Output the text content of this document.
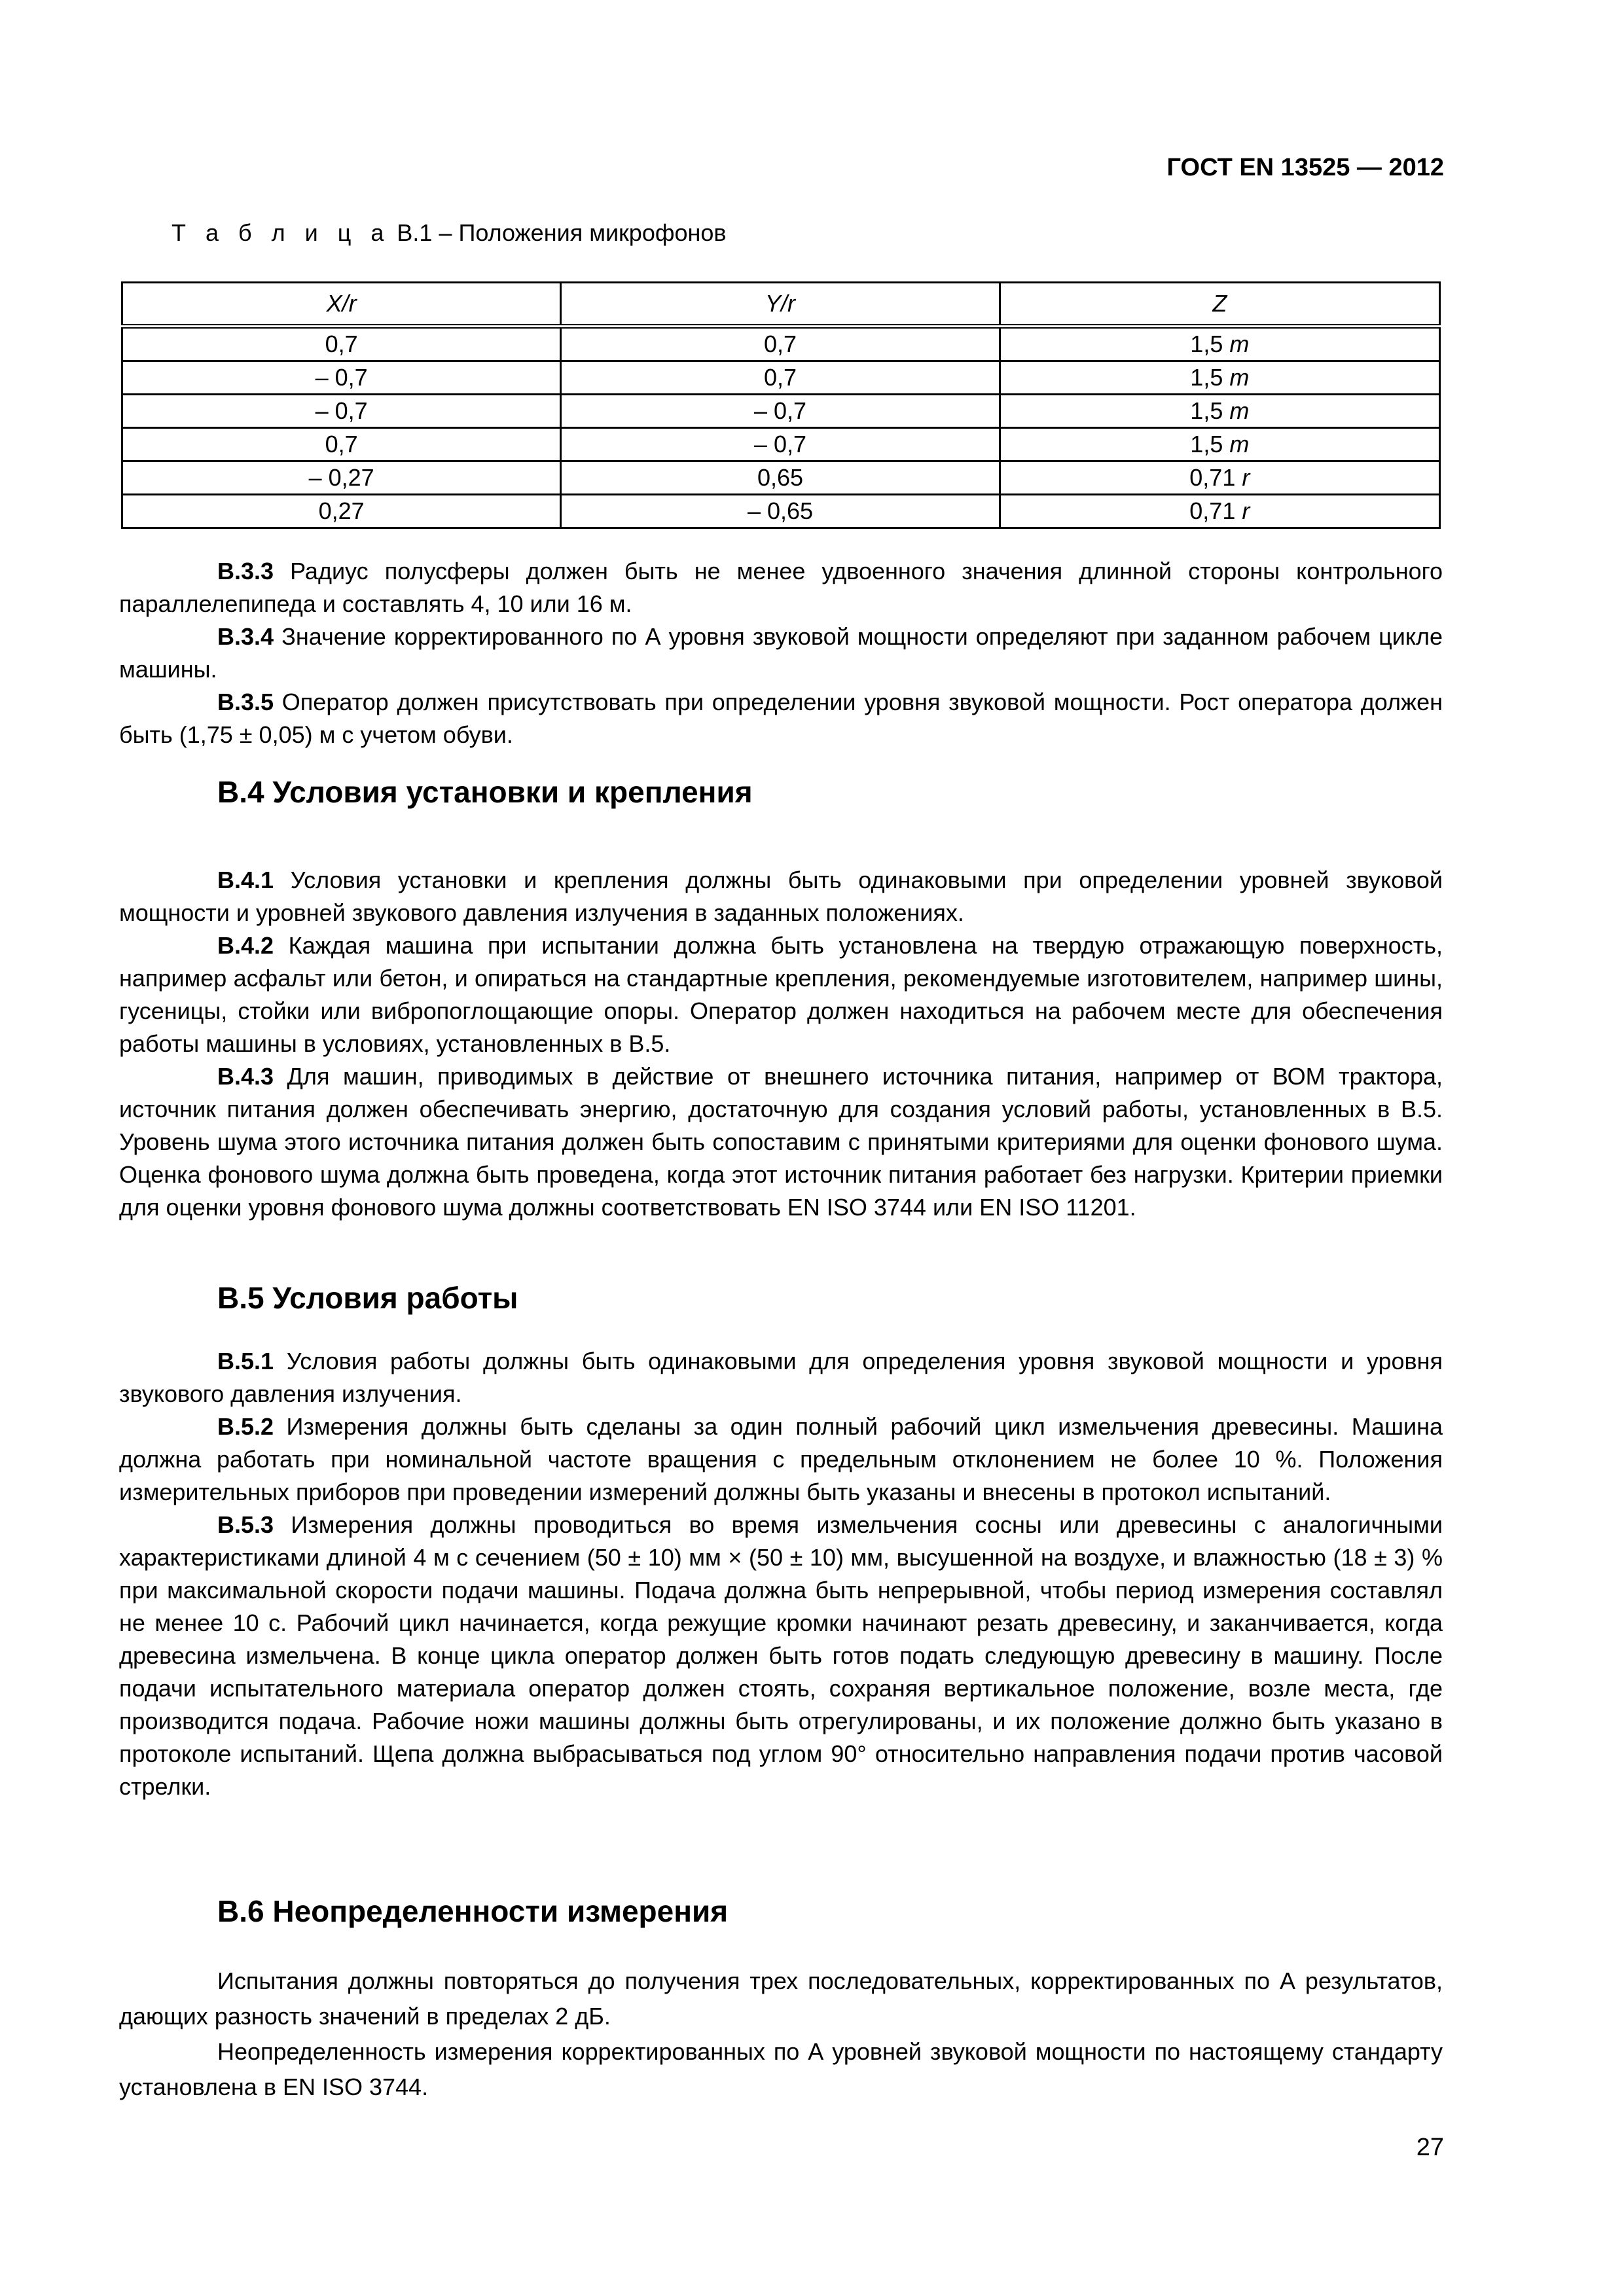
ГОСТ EN 13525 — 2012
Т а б л и ц а В.1 – Положения микрофонов
X/r	Y/r	Z
0,7	0,7	1,5 m
– 0,7	0,7	1,5 m
– 0,7	– 0,7	1,5 m
0,7	– 0,7	1,5 m
– 0,27	0,65	0,71 r
0,27	– 0,65	0,71 r

В.3.3 Радиус полусферы должен быть не менее удвоенного значения длинной стороны контрольного параллелепипеда и составлять 4, 10 или 16 м.

В.3.4 Значение корректированного по А уровня звуковой мощности определяют при заданном рабочем цикле машины.

В.3.5 Оператор должен присутствовать при определении уровня звуковой мощности. Рост оператора должен быть (1,75 ± 0,05) м с учетом обуви.

В.4 Условия установки и крепления

В.4.1 Условия установки и крепления должны быть одинаковыми при определении уровней звуковой мощности и уровней звукового давления излучения в заданных положениях.

В.4.2 Каждая машина при испытании должна быть установлена на твердую отражающую поверхность, например асфальт или бетон, и опираться на стандартные крепления, рекомендуемые изготовителем, например шины, гусеницы, стойки или вибропоглощающие опоры. Оператор должен находиться на рабочем месте для обеспечения работы машины в условиях, установленных в В.5.

В.4.3 Для машин, приводимых в действие от внешнего источника питания, например от ВОМ трактора, источник питания должен обеспечивать энергию, достаточную для создания условий работы, установленных в В.5. Уровень шума этого источника питания должен быть сопоставим с принятыми критериями для оценки фонового шума. Оценка фонового шума должна быть проведена, когда этот источник питания работает без нагрузки. Критерии приемки для оценки уровня фонового шума должны соответствовать EN ISO 3744 или EN ISO 11201.

В.5 Условия работы

В.5.1 Условия работы должны быть одинаковыми для определения уровня звуковой мощности и уровня звукового давления излучения.

В.5.2 Измерения должны быть сделаны за один полный рабочий цикл измельчения древесины. Машина должна работать при номинальной частоте вращения с предельным отклонением не более 10 %. Положения измерительных приборов при проведении измерений должны быть указаны и внесены в протокол испытаний.

В.5.3 Измерения должны проводиться во время измельчения сосны или древесины с аналогичными характеристиками длиной 4 м с сечением (50 ± 10) мм × (50 ± 10) мм, высушенной на воздухе, и влажностью (18 ± 3) % при максимальной скорости подачи машины. Подача должна быть непрерывной, чтобы период измерения составлял не менее 10 с. Рабочий цикл начинается, когда режущие кромки начинают резать древесину, и заканчивается, когда древесина измельчена. В конце цикла оператор должен быть готов подать следующую древесину в машину. После подачи испытательного материала оператор должен стоять, сохраняя вертикальное положение, возле места, где производится подача. Рабочие ножи машины должны быть отрегулированы, и их положение должно быть указано в протоколе испытаний. Щепа должна выбрасываться под углом 90° относительно направления подачи против часовой стрелки.

В.6 Неопределенности измерения

Испытания должны повторяться до получения трех последовательных, корректированных по А результатов, дающих разность значений в пределах 2 дБ.

Неопределенность измерения корректированных по А уровней звуковой мощности по настоящему стандарту установлена в EN ISO 3744.

27
